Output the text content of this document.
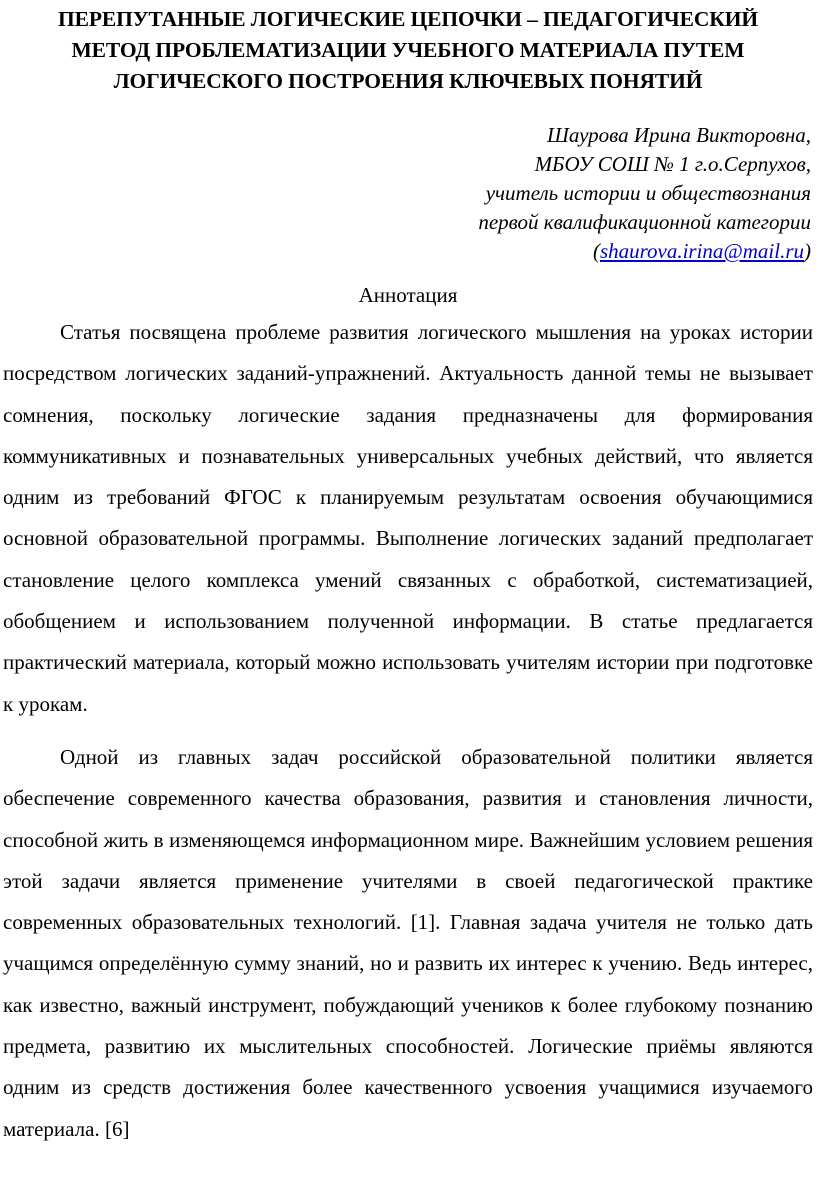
ПЕРЕПУТАННЫЕ ЛОГИЧЕСКИЕ ЦЕПОЧКИ – ПЕДАГОГИЧЕСКИЙ
МЕТОД ПРОБЛЕМАТИЗАЦИИ УЧЕБНОГО МАТЕРИАЛА ПУТЕМ
ЛОГИЧЕСКОГО ПОСТРОЕНИЯ КЛЮЧЕВЫХ ПОНЯТИЙ
Шаурова Ирина Викторовна,
МБОУ СОШ № 1 г.о.Серпухов,
учитель истории и обществознания
первой квалификационной категории
(shaurova.irina@mail.ru)
Аннотация

Статья посвящена проблеме развития логического мышления на уроках истории посредством логических заданий-упражнений. Актуальность данной темы не вызывает сомнения, поскольку логические задания предназначены для формирования коммуникативных и познавательных универсальных учебных действий, что является одним из требований ФГОС к планируемым результатам освоения обучающимися основной образовательной программы. Выполнение логических заданий предполагает становление целого комплекса умений связанных с обработкой, систематизацией, обобщением и использованием полученной информации. В статье предлагается практический материала, который можно использовать учителям истории при подготовке к урокам.

Одной из главных задач российской образовательной политики является обеспечение современного качества образования, развития и становления личности, способной жить в изменяющемся информационном мире. Важнейшим условием решения этой задачи является применение учителями в своей педагогической практике современных образовательных технологий. [1]. Главная задача учителя не только дать учащимся определённую сумму знаний, но и развить их интерес к учению. Ведь интерес, как известно, важный инструмент, побуждающий учеников к более глубокому познанию предмета, развитию их мыслительных способностей. Логические приёмы являются одним из средств достижения более качественного усвоения учащимися изучаемого материала. [6]
